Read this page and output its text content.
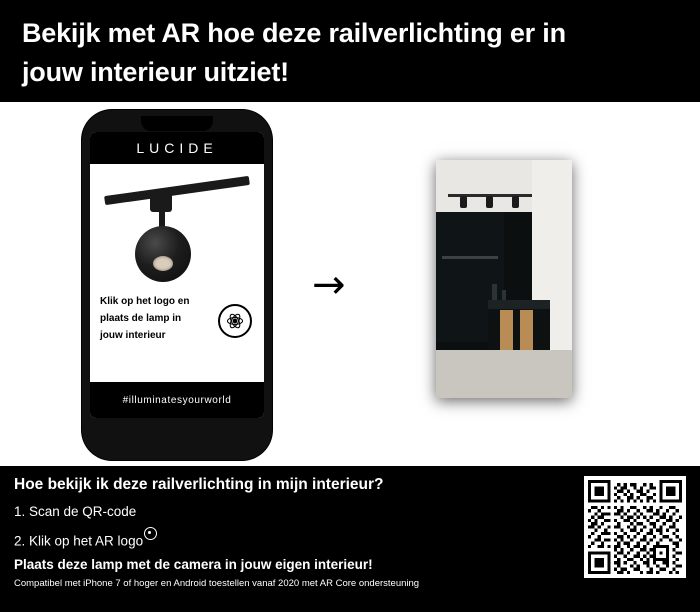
Bekijk met AR hoe deze railverlichting er in
jouw interieur uitziet!
LUCIDE
Klik op het logo en
plaats de lamp in
jouw interieur
#illuminatesyourworld
→
Hoe bekijk ik deze railverlichting in mijn interieur?
1. Scan de QR-code
2. Klik op het AR logo
Plaats deze lamp met de camera in jouw eigen interieur!
Compatibel met iPhone 7 of hoger en Android toestellen vanaf 2020 met AR Core ondersteuning
